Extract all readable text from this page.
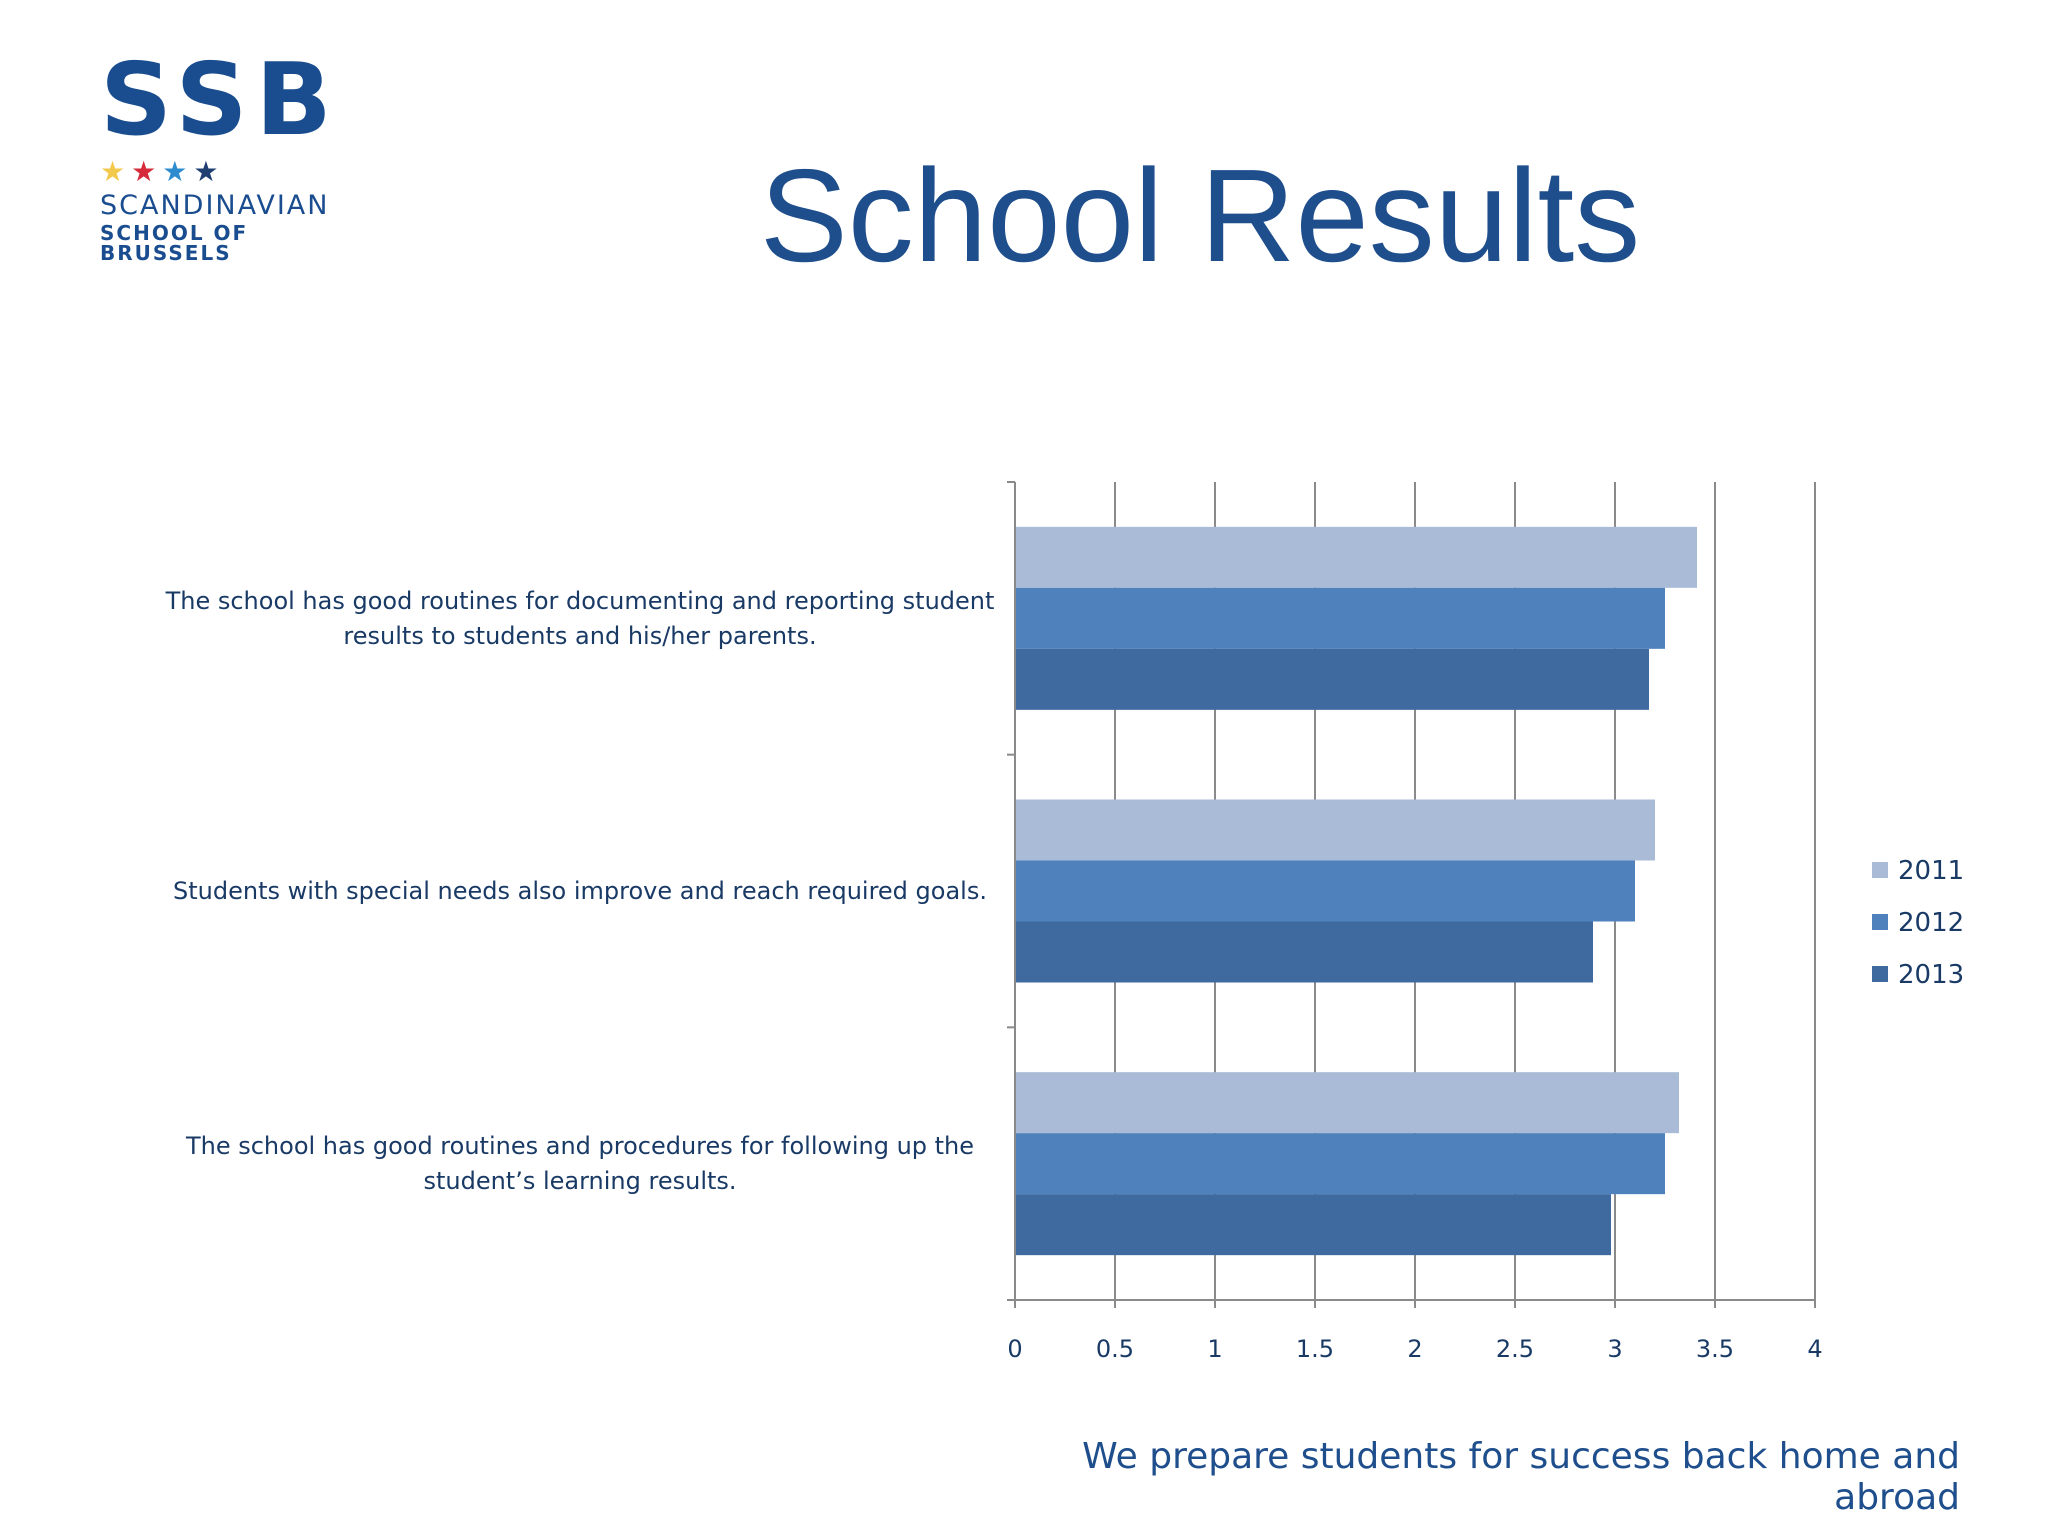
SSB
★★★★
SCANDINAVIAN
SCHOOL OF BRUSSELS	School Results
0	0.5	1	1.5	2	2.5	3	3.5	4
The school has good routines for documenting and reporting student results to students and his/her parents.
Students with special needs also improve and reach required goals.
The school has good routines and procedures for following up the student’s learning results.
2011
2012
2013
We prepare students for success back home and abroad
